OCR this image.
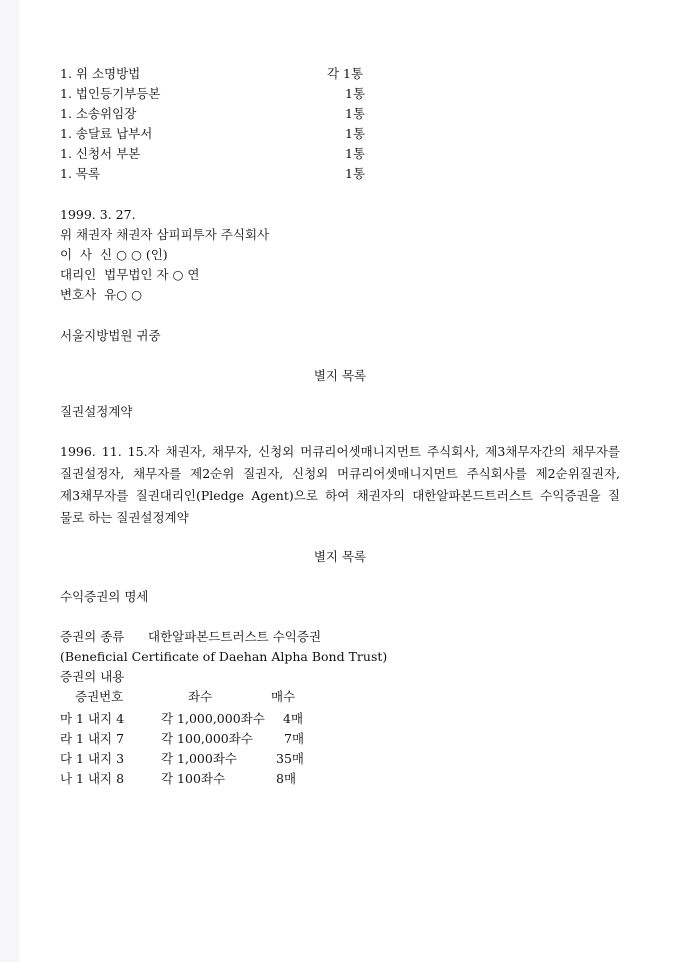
1. 위 소명방법	각 1통
1. 법인등기부등본	1통
1. 소송위임장	1통
1. 송달료 납부서	1통
1. 신청서 부본	1통
1. 목록	1통
1999. 3. 27.
위 채권자 채권자 삼피피투자 주식회사
이  사  신 ○ ○ (인)
대리인  법무법인 자 ○ 연
변호사  유○ ○
서울지방법원 귀중
별지 목록
질권설정계약
1996. 11. 15.자 채권자, 채무자, 신청외 머큐리어셋매니지먼트 주식회사, 제3채무자간의 채무자를
질권설정자, 채무자를 제2순위 질권자, 신청외 머큐리어셋매니지먼트 주식회사를 제2순위질권자,
제3채무자를 질권대리인(Pledge Agent)으로 하여 채권자의 대한알파본드트러스트 수익증권을 질
물로 하는 질권설정계약
별지 목록
수익증권의 명세
증권의 종류 대한알파본드트러스트 수익증권
(Beneficial Certificate of Daehan Alpha Bond Trust)
증권의 내용
증권번호	좌수	매수
마 1 내지 4	각 1,000,000좌수 4매
라 1 내지 7	각 100,000좌수 7매
다 1 내지 3	각 1,000좌수	35매
나 1 내지 8	각 100좌수	8매
